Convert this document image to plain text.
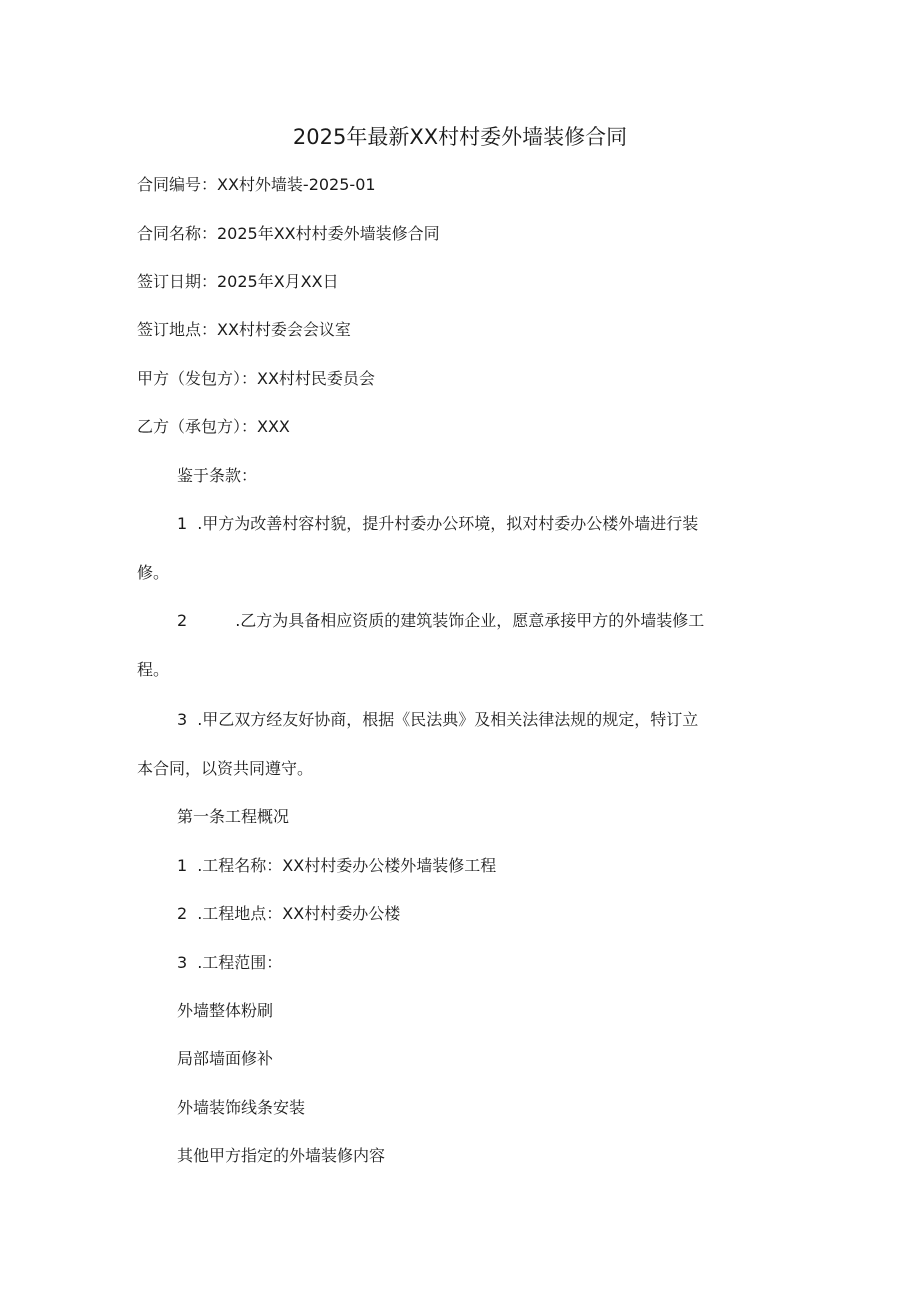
2025年最新XX村村委外墙装修合同

合同编号：XX村外墙装-2025-01

合同名称：2025年XX村村委外墙装修合同

签订日期：2025年X月XX日

签订地点：XX村村委会会议室

甲方（发包方）：XX村村民委员会

乙方（承包方）：XXX

鉴于条款：

1 .甲方为改善村容村貌，提升村委办公环境，拟对村委办公楼外墙进行装

修。

2	.乙方为具备相应资质的建筑装饰企业，愿意承接甲方的外墙装修工

程。

3 .甲乙双方经友好协商，根据《民法典》及相关法律法规的规定，特订立

本合同，以资共同遵守。

第一条工程概况

1 .工程名称：XX村村委办公楼外墙装修工程

2 .工程地点：XX村村委办公楼

3 .工程范围：

外墙整体粉刷

局部墙面修补

外墙装饰线条安装

其他甲方指定的外墙装修内容
